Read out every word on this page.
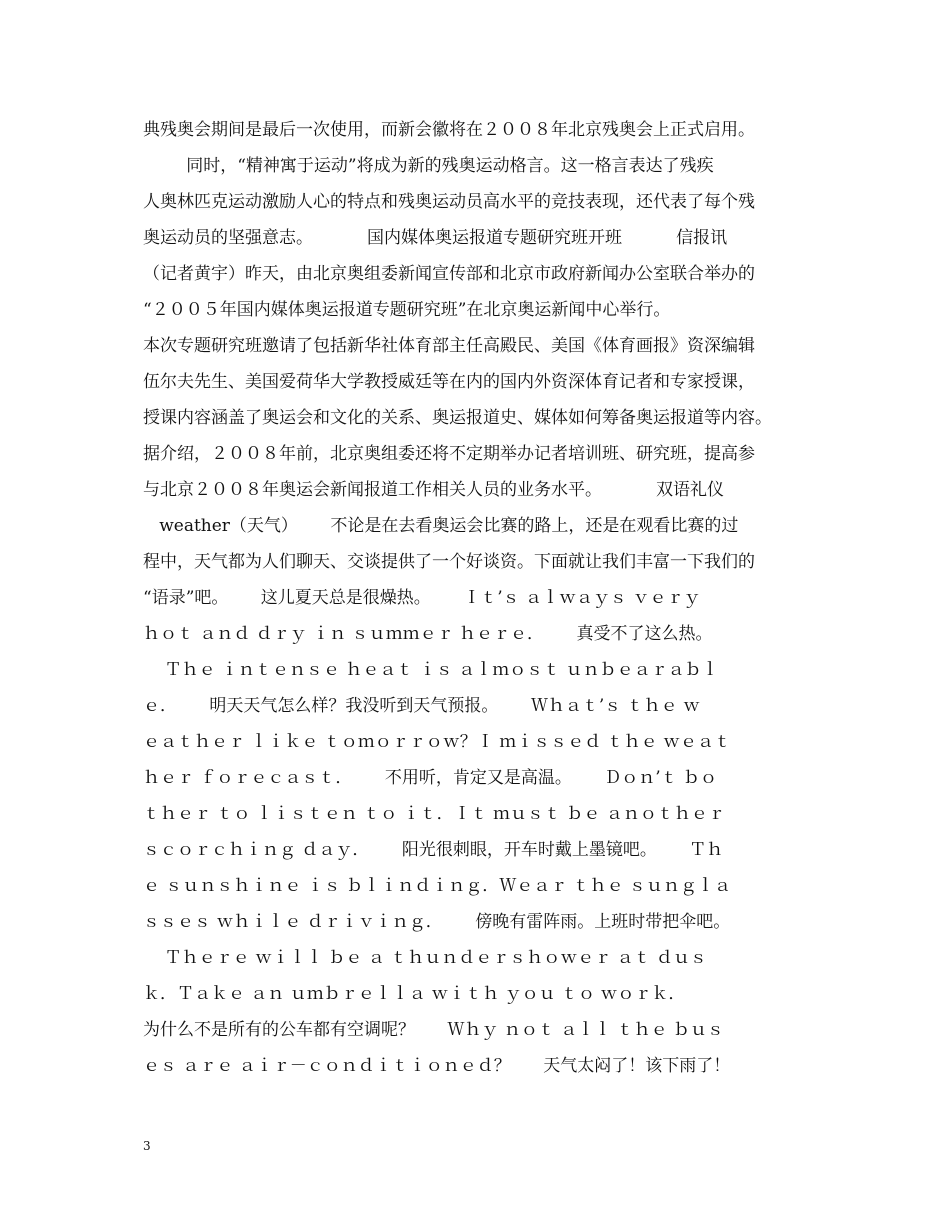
典残奥会期间是最后一次使用，而新会徽将在２００８年北京残奥会上正式启用。
同时，“精神寓于运动”将成为新的残奥运动格言。这一格言表达了残疾
人奥林匹克运动激励人心的特点和残奥运动员高水平的竞技表现，还代表了每个残
奥运动员的坚强意志。          国内媒体奥运报道专题研究班开班          信报讯
（记者黄宇）昨天，由北京奥组委新闻宣传部和北京市政府新闻办公室联合举办的
“２００５年国内媒体奥运报道专题研究班”在北京奥运新闻中心举行。
本次专题研究班邀请了包括新华社体育部主任高殿民、美国《体育画报》资深编辑
伍尔夫先生、美国爱荷华大学教授威廷等在内的国内外资深体育记者和专家授课，
授课内容涵盖了奥运会和文化的关系、奥运报道史、媒体如何筹备奥运报道等内容。
据介绍，２００８年前，北京奥组委还将不定期举办记者培训班、研究班，提高参
与北京２００８年奥运会新闻报道工作相关人员的业务水平。          双语礼仪
weather（天气）      不论是在去看奥运会比赛的路上，还是在观看比赛的过
程中，天气都为人们聊天、交谈提供了一个好谈资。下面就让我们丰富一下我们的
“语录”吧。      这儿夏天总是很燥热。      Ｉｔ’ｓ ａｌｗａｙｓ ｖｅｒｙ
ｈｏｔ ａｎｄ ｄｒｙ ｉｎ ｓｕｍｍｅｒ ｈｅｒｅ．      真受不了这么热。
Ｔｈｅ ｉｎｔｅｎｓｅ ｈｅａｔ ｉｓ ａｌｍｏｓｔ ｕｎｂｅａｒａｂｌ
ｅ．      明天天气怎么样？我没听到天气预报。      Ｗｈａｔ’ｓ ｔｈｅ ｗ
ｅａｔｈｅｒ ｌｉｋｅ ｔｏｍｏｒｒｏｗ？Ｉ ｍｉｓｓｅｄ ｔｈｅ ｗｅａｔ
ｈｅｒ ｆｏｒｅｃａｓｔ．      不用听，肯定又是高温。      Ｄｏｎ’ｔ ｂｏ
ｔｈｅｒ ｔｏ ｌｉｓｔｅｎ ｔｏ ｉｔ．Ｉｔ ｍｕｓｔ ｂｅ ａｎｏｔｈｅｒ
ｓｃｏｒｃｈｉｎｇ ｄａｙ．      阳光很刺眼，开车时戴上墨镜吧。      Ｔｈ
ｅ ｓｕｎｓｈｉｎｅ ｉｓ ｂｌｉｎｄｉｎｇ．Ｗｅａｒ ｔｈｅ ｓｕｎｇｌａ
ｓｓｅｓ ｗｈｉｌｅ ｄｒｉｖｉｎｇ．      傍晚有雷阵雨。上班时带把伞吧。
Ｔｈｅｒｅ ｗｉｌｌ ｂｅ ａ ｔｈｕｎｄｅｒｓｈｏｗｅｒ ａｔ ｄｕｓ
ｋ．Ｔａｋｅ ａｎ ｕｍｂｒｅｌｌａ ｗｉｔｈ ｙｏｕ ｔｏ ｗｏｒｋ．
为什么不是所有的公车都有空调呢？      Ｗｈｙ ｎｏｔ ａｌｌ ｔｈｅ ｂｕｓ
ｅｓ ａｒｅ ａｉｒ－ｃｏｎｄｉｔｉｏｎｅｄ？      天气太闷了！该下雨了！
3
